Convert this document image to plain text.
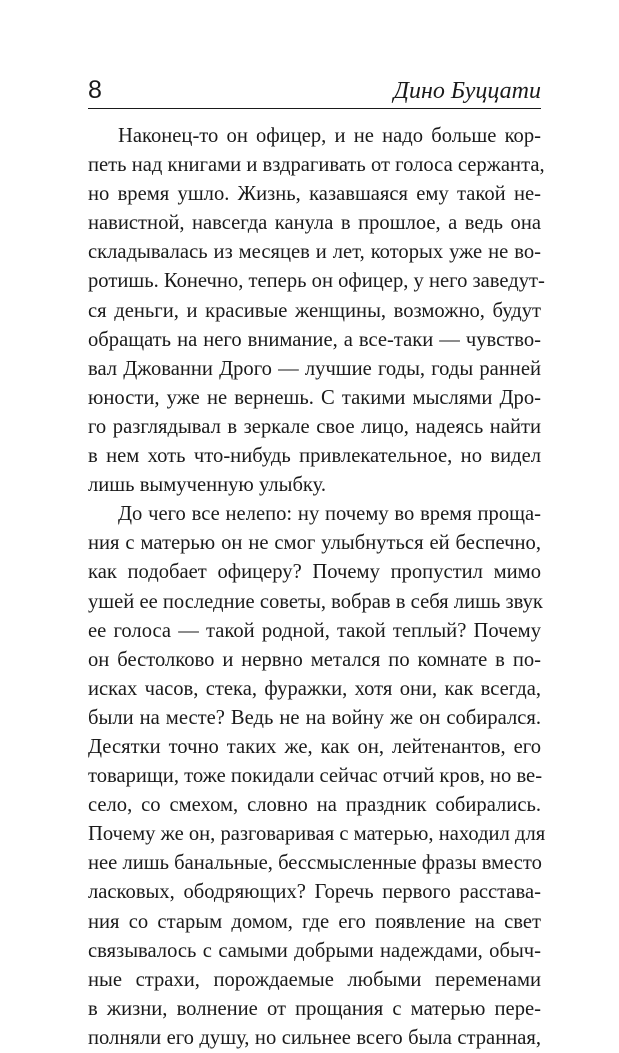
8	Дино Буццати
Наконец-то он офицер, и не надо больше кор-
петь над книгами и вздрагивать от голоса сержанта,
но время ушло. Жизнь, казавшаяся ему такой не-
навистной, навсегда канула в прошлое, а ведь она
складывалась из месяцев и лет, которых уже не во-
ротишь. Конечно, теперь он офицер, у него заведут-
ся деньги, и красивые женщины, возможно, будут
обращать на него внимание, а все-таки — чувство-
вал Джованни Дрого — лучшие годы, годы ранней
юности, уже не вернешь. С такими мыслями Дро-
го разглядывал в зеркале свое лицо, надеясь найти
в нем хоть что-нибудь привлекательное, но видел
лишь вымученную улыбку.
До чего все нелепо: ну почему во время проща-
ния с матерью он не смог улыбнуться ей беспечно,
как подобает офицеру? Почему пропустил мимо
ушей ее последние советы, вобрав в себя лишь звук
ее голоса — такой родной, такой теплый? Почему
он бестолково и нервно метался по комнате в по-
исках часов, стека, фуражки, хотя они, как всегда,
были на месте? Ведь не на войну же он собирался.
Десятки точно таких же, как он, лейтенантов, его
товарищи, тоже покидали сейчас отчий кров, но ве-
село, со смехом, словно на праздник собирались.
Почему же он, разговаривая с матерью, находил для
нее лишь банальные, бессмысленные фразы вместо
ласковых, ободряющих? Горечь первого расстава-
ния со старым домом, где его появление на свет
связывалось с самыми добрыми надеждами, обыч-
ные страхи, порождаемые любыми переменами
в жизни, волнение от прощания с матерью пере-
полняли его душу, но сильнее всего была странная,
